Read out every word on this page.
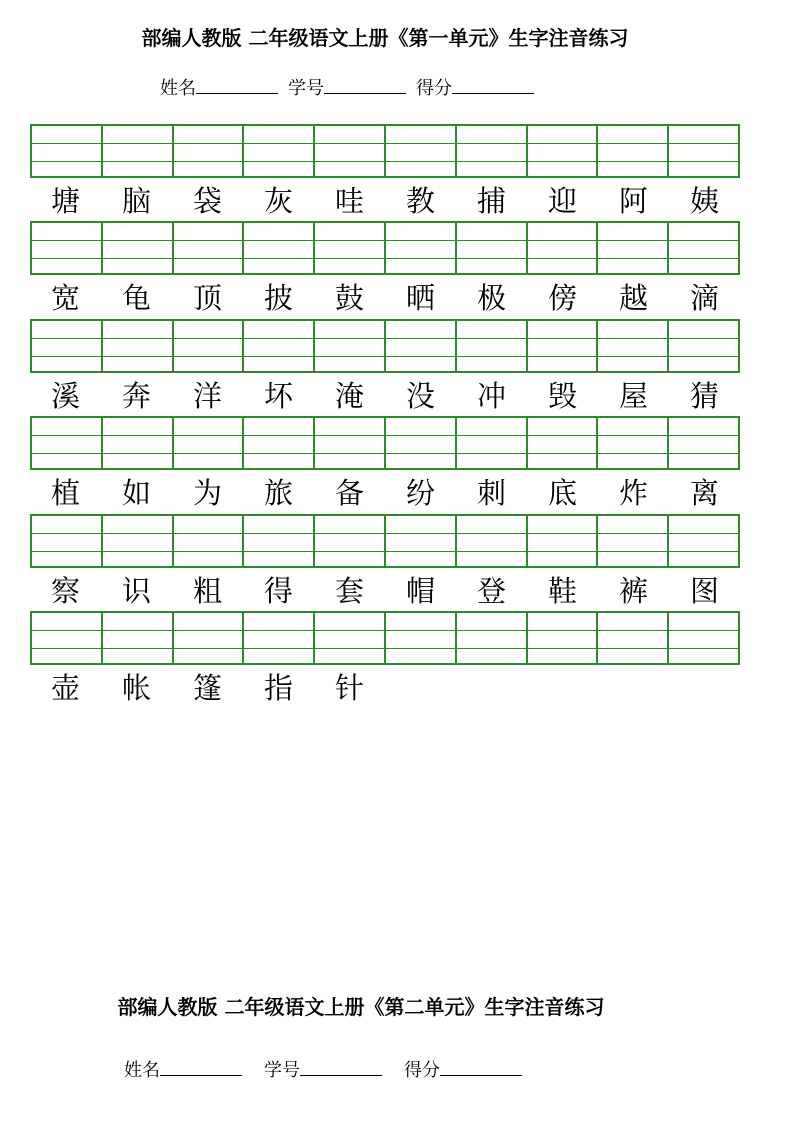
部编人教版 二年级语文上册《第一单元》生字注音练习
姓名	学号	得分
塘	脑	袋	灰	哇	教	捕	迎	阿	姨
宽	龟	顶	披	鼓	晒	极	傍	越	滴
溪	奔	洋	坏	淹	没	冲	毁	屋	猜
植	如	为	旅	备	纷	刺	底	炸	离
察	识	粗	得	套	帽	登	鞋	裤	图
壶	帐	篷	指	针
部编人教版 二年级语文上册《第二单元》生字注音练习
姓名	学号	得分
